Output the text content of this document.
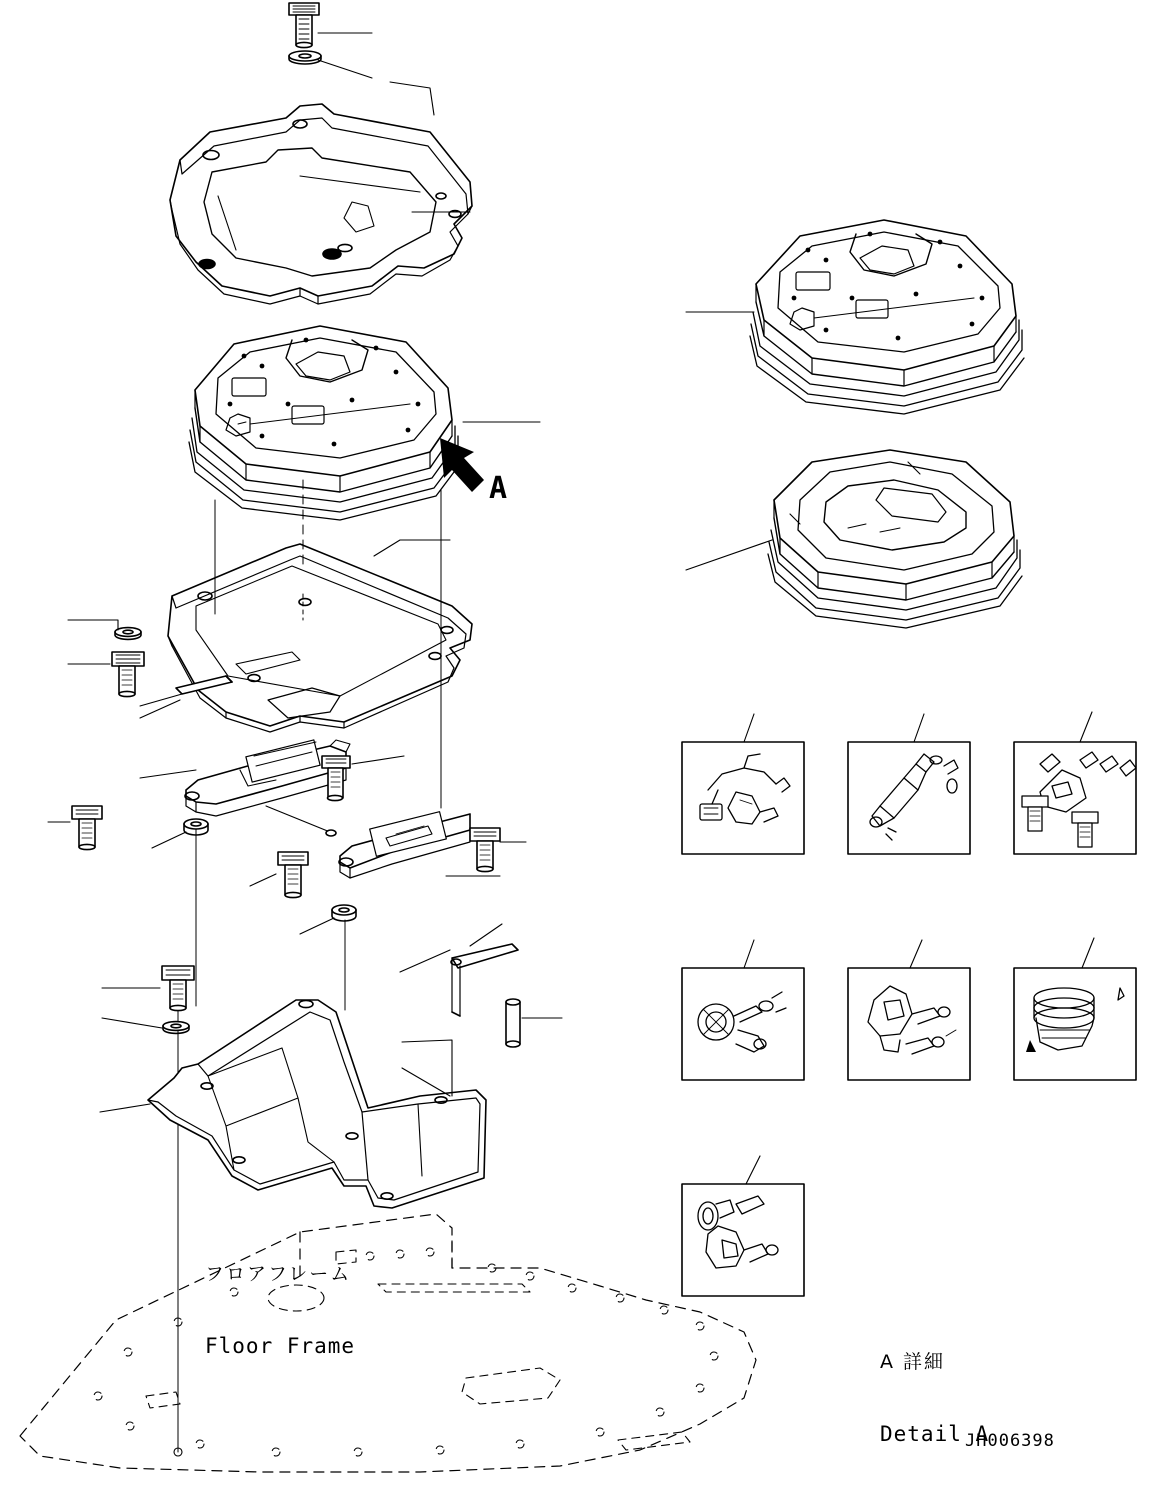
フロアフレーム

Floor Frame

A 詳細

Detail A

A
JH006398
